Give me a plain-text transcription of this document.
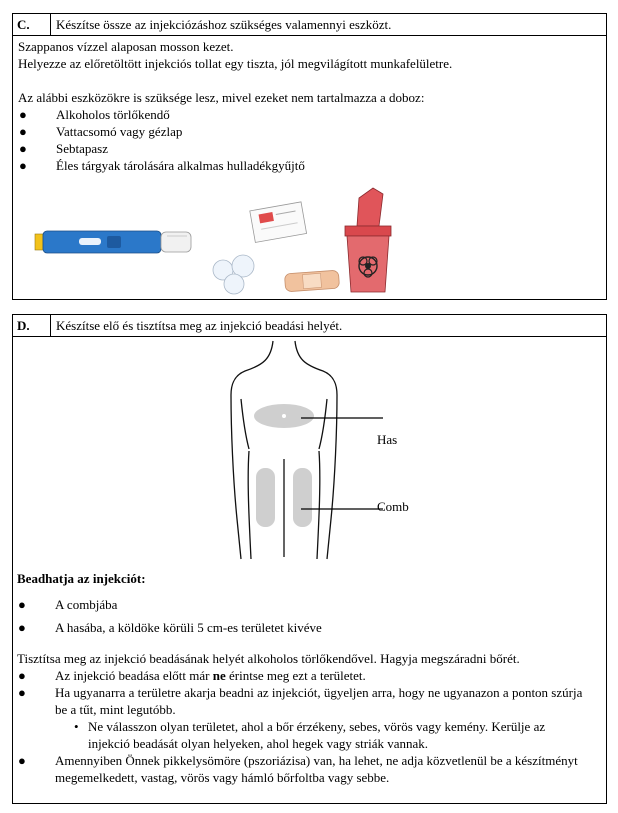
C.	Készítse össze az injekciózáshoz szükséges valamennyi eszközt.
Szappanos vízzel alaposan mosson kezet.
Helyezze az előretöltött injekciós tollat egy tiszta, jól megvilágított munkafelületre.
Az alábbi eszközökre is szüksége lesz, mivel ezeket nem tartalmazza a doboz:
●	Alkoholos törlőkendő
●	Vattacsomó vagy gézlap
●	Sebtapasz
●	Éles tárgyak tárolására alkalmas hulladékgyűjtő
D.	Készítse elő és tisztítsa meg az injekció beadási helyét.
Has
Comb
Beadhatja az injekciót:
●	A combjába
●	A hasába, a köldöke körüli 5 cm-es területet kivéve
Tisztítsa meg az injekció beadásának helyét alkoholos törlőkendővel. Hagyja megszáradni bőrét.
●	Az injekció beadása előtt már ne érintse meg ezt a területet.
●	Ha ugyanarra a területre akarja beadni az injekciót, ügyeljen arra, hogy ne ugyanazon a ponton szúrja be a tűt, mint legutóbb.
• Ne válasszon olyan területet, ahol a bőr érzékeny, sebes, vörös vagy kemény. Kerülje az injekció beadását olyan helyeken, ahol hegek vagy striák vannak.
●	Amennyiben Önnek pikkelysömöre (pszoriázisa) van, ha lehet, ne adja közvetlenül be a készítményt megemelkedett, vastag, vörös vagy hámló bőrfoltba vagy sebbe.
